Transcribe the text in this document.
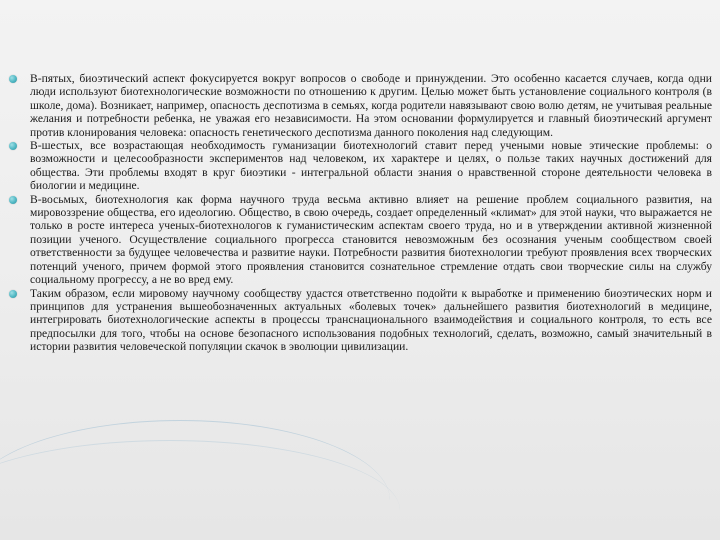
В-пятых, биоэтический аспект фокусируется вокруг вопросов о свободе и принуждении. Это особенно касается случаев, когда одни люди используют биотехнологические возможности по отношению к другим. Целью может быть установление социального контроля (в школе, дома). Возникает, например, опасность деспотизма в семьях, когда родители навязывают свою волю детям, не учитывая реальные желания и потребности ребенка, не уважая его независимости. На этом основании формулируется и главный биоэтический аргумент против клонирования человека: опасность генетического деспотизма данного поколения над следующим.
В-шестых, все возрастающая необходимость гуманизации биотехнологий ставит перед учеными новые этические проблемы: о возможности и целесообразности экспериментов над человеком, их характере и целях, о пользе таких научных достижений для общества. Эти проблемы входят в круг биоэтики - интегральной области знания о нравственной стороне деятельности человека в биологии и медицине.
В-восьмых, биотехнология как форма научного труда весьма активно влияет на решение проблем социального развития, на мировоззрение общества, его идеологию. Общество, в свою очередь, создает определенный «климат» для этой науки, что выражается не только в росте интереса ученых-биотехнологов к гуманистическим аспектам своего труда, но и в утверждении активной жизненной позиции ученого. Осуществление социального прогресса становится невозможным без осознания ученым сообществом своей ответственности за будущее человечества и развитие науки. Потребности развития биотехнологии требуют проявления всех творческих потенций ученого, причем формой этого проявления становится сознательное стремление отдать свои творческие силы на службу социальному прогрессу, а не во вред ему.
Таким образом, если мировому научному сообществу удастся ответственно подойти к выработке и применению биоэтических норм и принципов для устранения вышеобозначенных актуальных «болевых точек» дальнейшего развития биотехнологий в медицине, интегрировать биотехнологические аспекты в процессы транснационального взаимодействия и социального контроля, то есть все предпосылки для того, чтобы на основе безопасного использования подобных технологий, сделать, возможно, самый значительный в истории развития человеческой популяции скачок в эволюции цивилизации.
